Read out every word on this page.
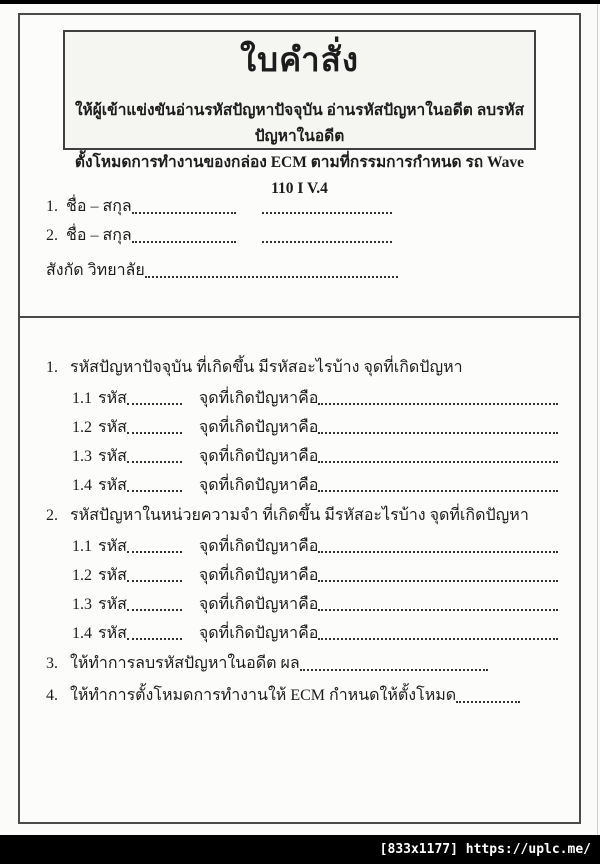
ใบคำสั่ง
ให้ผู้เข้าแข่งขันอ่านรหัสปัญหาปัจจุบัน อ่านรหัสปัญหาในอดีต ลบรหัสปัญหาในอดีต
ตั้งโหมดการทำงานของกล่อง ECM ตามที่กรรมการกำหนด รถ Wave 110 I V.4
1. ชื่อ – สกุล
2. ชื่อ – สกุล
สังกัด วิทยาลัย
1. รหัสปัญหาปัจจุบัน ที่เกิดขึ้น มีรหัสอะไรบ้าง จุดที่เกิดปัญหา
1.1 รหัส	จุดที่เกิดปัญหาคือ
1.2 รหัส	จุดที่เกิดปัญหาคือ
1.3 รหัส	จุดที่เกิดปัญหาคือ
1.4 รหัส	จุดที่เกิดปัญหาคือ
2. รหัสปัญหาในหน่วยความจำ ที่เกิดขึ้น มีรหัสอะไรบ้าง จุดที่เกิดปัญหา
1.1 รหัส	จุดที่เกิดปัญหาคือ
1.2 รหัส	จุดที่เกิดปัญหาคือ
1.3 รหัส	จุดที่เกิดปัญหาคือ
1.4 รหัส	จุดที่เกิดปัญหาคือ
3. ให้ทำการลบรหัสปัญหาในอดีต ผล
4. ให้ทำการตั้งโหมดการทำงานให้ ECM กำหนดให้ตั้งโหมด
[833x1177] https://uplc.me/
